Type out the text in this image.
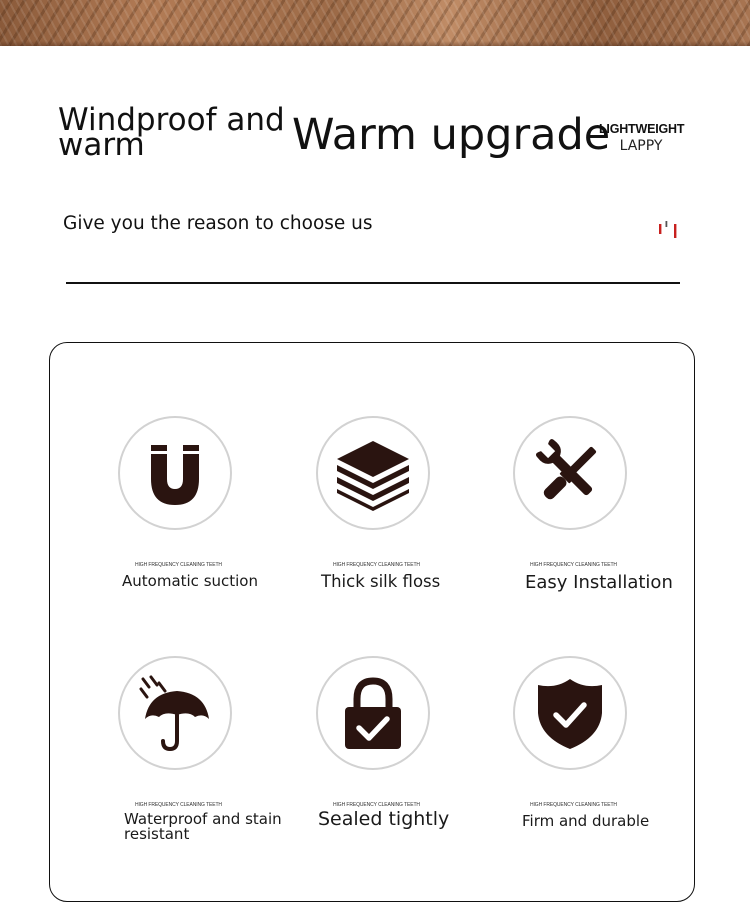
Windproof and warm	Warm upgrade
LIGHTWEIGHT
LAPPY
Give you the reason to choose us
HIGH FREQUENCY CLEANING TEETH
Automatic suction
HIGH FREQUENCY CLEANING TEETH
Thick silk floss
HIGH FREQUENCY CLEANING TEETH
Easy Installation
HIGH FREQUENCY CLEANING TEETH
Waterproof and stain resistant
HIGH FREQUENCY CLEANING TEETH
Sealed tightly
HIGH FREQUENCY CLEANING TEETH
Firm and durable
